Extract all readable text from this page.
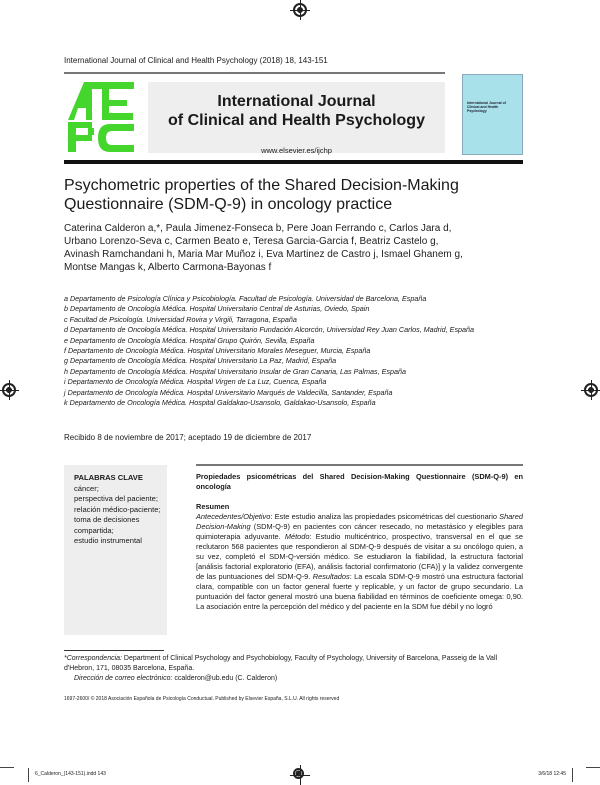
International Journal of Clinical and Health Psychology (2018) 18, 143-151
International Journal
of Clinical and Health Psychology
www.elsevier.es/ijchp
International Journal of Clinical and Health Psychology
Psychometric properties of the Shared Decision-Making Questionnaire (SDM-Q-9) in oncology practice
Caterina Calderon a,*, Paula Jimenez-Fonseca b, Pere Joan Ferrando c, Carlos Jara d,
Urbano Lorenzo-Seva c, Carmen Beato e, Teresa Garcia-Garcia f, Beatriz Castelo g,
Avinash Ramchandani h, Maria Mar Muñoz i, Eva Martinez de Castro j, Ismael Ghanem g,
Montse Mangas k, Alberto Carmona-Bayonas f
a Departamento de Psicología Clínica y Psicobiología. Facultad de Psicología. Universidad de Barcelona, España
b Departamento de Oncología Médica. Hospital Universitario Central de Asturias, Oviedo, Spain
c Facultad de Psicología. Universidad Rovira y Virgili, Tarragona, España
d Departamento de Oncología Médica. Hospital Universitario Fundación Alcorcón, Universidad Rey Juan Carlos, Madrid, España
e Departamento de Oncología Médica. Hospital Grupo Quirón, Sevilla, España
f Departamento de Oncología Médica. Hospital Universitario Morales Meseguer, Murcia, España
g Departamento de Oncología Médica. Hospital Universitario La Paz, Madrid, España
h Departamento de Oncología Médica. Hospital Universitario Insular de Gran Canaria, Las Palmas, España
i Departamento de Oncología Médica. Hospital Virgen de La Luz, Cuenca, España
j Departamento de Oncología Médica. Hospital Universitario Marqués de Valdecilla, Santander, España
k Departamento de Oncología Médica. Hospital Galdakao-Usansolo, Galdakao-Usansolo, España
Recibido 8 de noviembre de 2017; aceptado 19 de diciembre de 2017
PALABRAS CLAVE
cáncer;
perspectiva del paciente;
relación médico-paciente;
toma de decisiones compartida;
estudio instrumental
Propiedades psicométricas del Shared Decision-Making Questionnaire (SDM-Q-9) en oncología
Resumen

Antecedentes/Objetivo: Este estudio analiza las propiedades psicométricas del cuestionario Shared Decision-Making (SDM-Q-9) en pacientes con cáncer resecado, no metastásico y elegibles para quimioterapia adyuvante. Método: Estudio multicéntrico, prospectivo, transversal en el que se reclutaron 568 pacientes que respondieron al SDM-Q-9 después de visitar a su oncólogo quien, a su vez, completó el SDM-Q-versión médico. Se estudiaron la fiabilidad, la estructura factorial [análisis factorial exploratorio (EFA), análisis factorial confirmatorio (CFA)] y la validez convergente de las puntuaciones del SDM-Q-9. Resultados: La escala SDM-Q-9 mostró una estructura factorial clara, compatible con un factor general fuerte y replicable, y un factor de grupo secundario. La puntuación del factor general mostró una buena fiabilidad en términos de coeficiente omega: 0,90. La asociación entre la percepción del médico y del paciente en la SDM fue débil y no logró

*Correspondencia: Department of Clinical Psychology and Psychobiology, Faculty of Psychology, University of Barcelona, Passeig de la Vall d'Hebron, 171, 08035 Barcelona, España.

Dirección de correo electrónico: ccalderon@ub.edu (C. Calderon)

1697-2600/ © 2018 Asociación Española de Psicología Conductual. Published by Elsevier España, S.L.U. All rights reserved
6_Calderon_(143-151).indd 143	3/6/18 12:45
